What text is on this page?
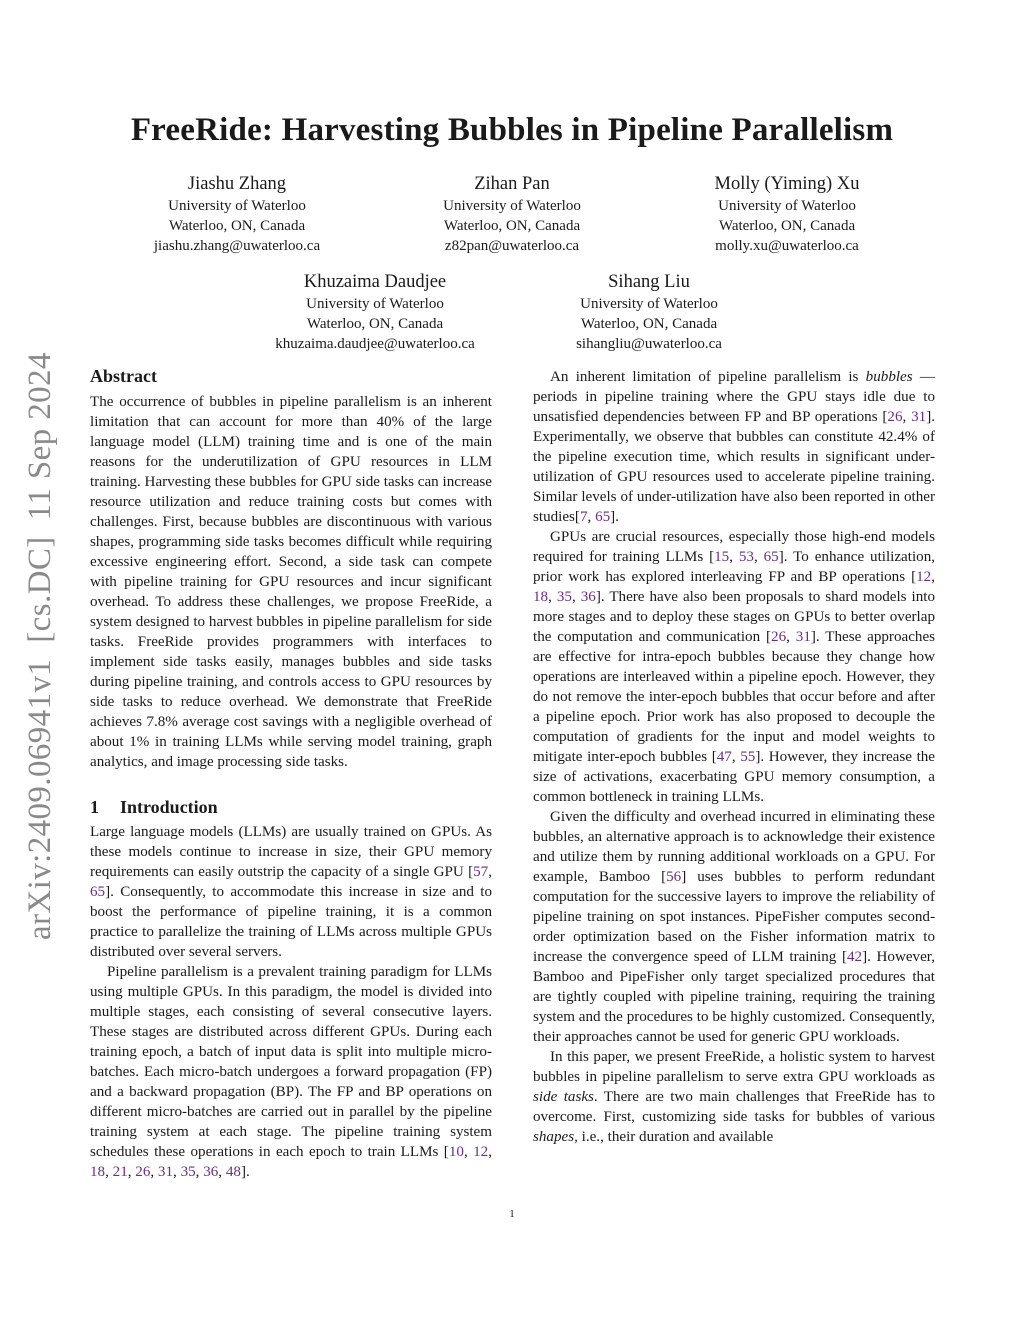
arXiv:2409.06941v1[cs.DC]11 Sep 2024
FreeRide: Harvesting Bubbles in Pipeline Parallelism
Jiashu Zhang
University of Waterloo
Waterloo, ON, Canada
jiashu.zhang@uwaterloo.ca
Zihan Pan
University of Waterloo
Waterloo, ON, Canada
z82pan@uwaterloo.ca
Molly (Yiming) Xu
University of Waterloo
Waterloo, ON, Canada
molly.xu@uwaterloo.ca
Khuzaima Daudjee
University of Waterloo
Waterloo, ON, Canada
khuzaima.daudjee@uwaterloo.ca
Sihang Liu
University of Waterloo
Waterloo, ON, Canada
sihangliu@uwaterloo.ca
Abstract

The occurrence of bubbles in pipeline parallelism is an inherent limitation that can account for more than 40% of the large language model (LLM) training time and is one of the main reasons for the underutilization of GPU resources in LLM training. Harvesting these bubbles for GPU side tasks can increase resource utilization and reduce training costs but comes with challenges. First, because bubbles are discontinuous with various shapes, programming side tasks becomes difficult while requiring excessive engineering effort. Second, a side task can compete with pipeline training for GPU resources and incur significant overhead. To address these challenges, we propose FreeRide, a system designed to harvest bubbles in pipeline parallelism for side tasks. FreeRide provides programmers with interfaces to implement side tasks easily, manages bubbles and side tasks during pipeline training, and controls access to GPU resources by side tasks to reduce overhead. We demonstrate that FreeRide achieves 7.8% average cost savings with a negligible overhead of about 1% in training LLMs while serving model training, graph analytics, and image processing side tasks.

1 Introduction

Large language models (LLMs) are usually trained on GPUs. As these models continue to increase in size, their GPU memory requirements can easily outstrip the capacity of a single GPU [57, 65]. Consequently, to accommodate this increase in size and to boost the performance of pipeline training, it is a common practice to parallelize the training of LLMs across multiple GPUs distributed over several servers.

Pipeline parallelism is a prevalent training paradigm for LLMs using multiple GPUs. In this paradigm, the model is divided into multiple stages, each consisting of several consecutive layers. These stages are distributed across different GPUs. During each training epoch, a batch of input data is split into multiple micro-batches. Each micro-batch undergoes a forward propagation (FP) and a backward propagation (BP). The FP and BP operations on different micro-batches are carried out in parallel by the pipeline training system at each stage. The pipeline training system schedules these operations in each epoch to train LLMs [10, 12, 18, 21, 26, 31, 35, 36, 48].

An inherent limitation of pipeline parallelism is bubbles — periods in pipeline training where the GPU stays idle due to unsatisfied dependencies between FP and BP operations [26, 31]. Experimentally, we observe that bubbles can constitute 42.4% of the pipeline execution time, which results in significant under-utilization of GPU resources used to accelerate pipeline training. Similar levels of under-utilization have also been reported in other studies[7, 65].

GPUs are crucial resources, especially those high-end models required for training LLMs [15, 53, 65]. To enhance utilization, prior work has explored interleaving FP and BP operations [12, 18, 35, 36]. There have also been proposals to shard models into more stages and to deploy these stages on GPUs to better overlap the computation and communication [26, 31]. These approaches are effective for intra-epoch bubbles because they change how operations are interleaved within a pipeline epoch. However, they do not remove the inter-epoch bubbles that occur before and after a pipeline epoch. Prior work has also proposed to decouple the computation of gradients for the input and model weights to mitigate inter-epoch bubbles [47, 55]. However, they increase the size of activations, exacerbating GPU memory consumption, a common bottleneck in training LLMs.

Given the difficulty and overhead incurred in eliminating these bubbles, an alternative approach is to acknowledge their existence and utilize them by running additional workloads on a GPU. For example, Bamboo [56] uses bubbles to perform redundant computation for the successive layers to improve the reliability of pipeline training on spot instances. PipeFisher computes second-order optimization based on the Fisher information matrix to increase the convergence speed of LLM training [42]. However, Bamboo and PipeFisher only target specialized procedures that are tightly coupled with pipeline training, requiring the training system and the procedures to be highly customized. Consequently, their approaches cannot be used for generic GPU workloads.

In this paper, we present FreeRide, a holistic system to harvest bubbles in pipeline parallelism to serve extra GPU workloads as side tasks. There are two main challenges that FreeRide has to overcome. First, customizing side tasks for bubbles of various shapes, i.e., their duration and available

1
